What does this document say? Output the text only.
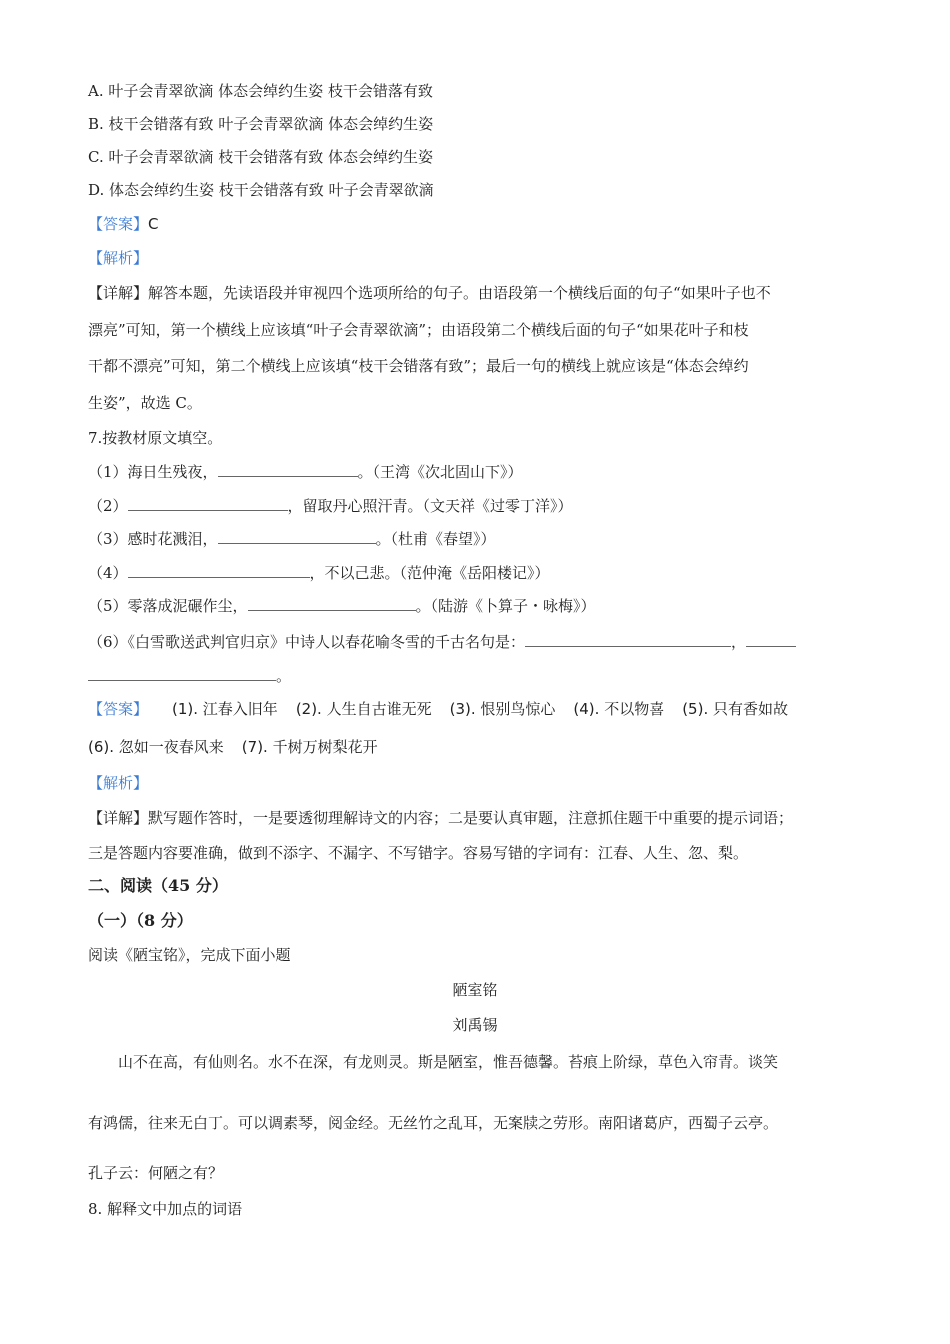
A. 叶子会青翠欲滴 体态会绰约生姿 枝干会错落有致
B. 枝干会错落有致 叶子会青翠欲滴 体态会绰约生姿
C. 叶子会青翠欲滴 枝干会错落有致 体态会绰约生姿
D. 体态会绰约生姿 枝干会错落有致 叶子会青翠欲滴
【答案】C
【解析】
【详解】解答本题，先读语段并审视四个选项所给的句子。由语段第一个横线后面的句子“如果叶子也不
漂亮”可知，第一个横线上应该填“叶子会青翠欲滴”；由语段第二个横线后面的句子“如果花叶子和枝
干都不漂亮”可知，第二个横线上应该填“枝干会错落有致”；最后一句的横线上就应该是“体态会绰约
生姿”，故选 C。
7.按教材原文填空。
（1）海日生残夜，	。（王湾《次北固山下》）
（2）	，留取丹心照汗青。（文天祥《过零丁洋》）
（3）感时花溅泪，	。（杜甫《春望》）
（4）	，不以己悲。（范仲淹《岳阳楼记》）
（5）零落成泥碾作尘，	。（陆游《卜算子・咏梅》）
（6）《白雪歌送武判官归京》中诗人以春花喻冬雪的千古名句是：	，
。
【答案】 (1). 江春入旧年 (2). 人生自古谁无死 (3). 恨别鸟惊心 (4). 不以物喜 (5). 只有香如故
(6). 忽如一夜春风来 (7). 千树万树梨花开
【解析】
【详解】默写题作答时，一是要透彻理解诗文的内容；二是要认真审题，注意抓住题干中重要的提示词语；
三是答题内容要准确，做到不添字、不漏字、不写错字。容易写错的字词有：江春、人生、忽、梨。
二、阅读（45 分）
（一）（8 分）
阅读《陋宝铭》，完成下面小题
陋室铭
刘禹锡
山不在高，有仙则名。水不在深，有龙则灵。斯是陋室，惟吾德馨。苔痕上阶绿，草色入帘青。谈笑
有鸿儒，往来无白丁。可以调素琴，阅金经。无丝竹之乱耳，无案牍之劳形。南阳诸葛庐，西蜀子云亭。
孔子云：何陋之有？
8. 解释文中加点的词语
